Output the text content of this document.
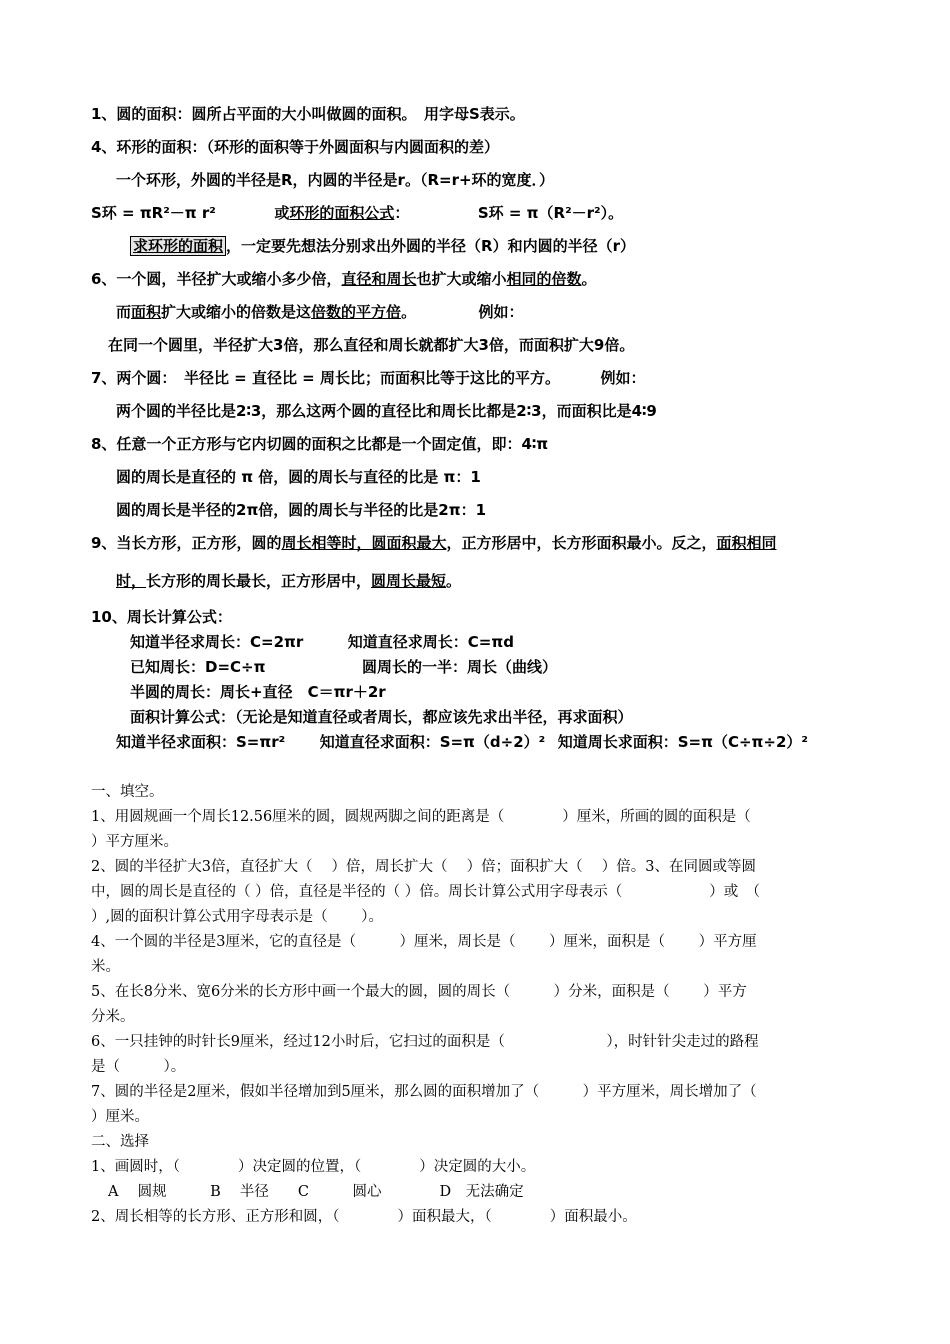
1、圆的面积：圆所占平面的大小叫做圆的面积。　用字母S表示。
4、环形的面积：（环形的面积等于外圆面积与内圆面积的差）
一个环形，外圆的半径是R，内圆的半径是r。（R=r+环的宽度．）
S环 = πR²－π r²	或环形的面积公式：	S环 = π（R²－r²）。
求环形的面积 ，一定要先想法分别求出外圆的半径（R）和内圆的半径（r）
6、一个圆，半径扩大或缩小多少倍，直径和周长也扩大或缩小相同的倍数。
而面积扩大或缩小的倍数是这倍数的平方倍。	例如：
在同一个圆里，半径扩大3倍，那么直径和周长就都扩大3倍，而面积扩大9倍。
7、两个圆：　半径比 = 直径比 = 周长比；而面积比等于这比的平方。	例如：
两个圆的半径比是2∶3，那么这两个圆的直径比和周长比都是2∶3，而面积比是4∶9
8、任意一个正方形与它内切圆的面积之比都是一个固定值，即：4∶π
圆的周长是直径的 π 倍，圆的周长与直径的比是 π：1
圆的周长是半径的2π倍，圆的周长与半径的比是2π：1
9、当长方形，正方形，圆的周长相等时，圆面积最大，正方形居中，长方形面积最小。反之，面积相同
时，长方形的周长最长，正方形居中，圆周长最短。
10、周长计算公式：
知道半径求周长：C=2πr	知道直径求周长：C=πd
已知周长：D=C÷π	圆周长的一半：周长（曲线）
半圆的周长：周长+直径　C＝πr＋2r
面积计算公式：（无论是知道直径或者周长，都应该先求出半径，再求面积）
知道半径求面积：S=πr² 知道直径求面积：S=π（d÷2）² 知道周长求面积：S=π（C÷π÷2）²
一、填空。
1、用圆规画一个周长12.56厘米的圆，圆规两脚之间的距离是（　　　　）厘米，所画的圆的面积是（
）平方厘米。
2、圆的半径扩大3倍，直径扩大（　 ）倍，周长扩大（　 ）倍；面积扩大（　 ）倍。3、在同圆或等圆
中，圆的周长是直径的（ ）倍，直径是半径的（ ）倍。周长计算公式用字母表示（　　　　　　）或　（
）,圆的面积计算公式用字母表示是（　　 ）。
4、一个圆的半径是3厘米，它的直径是（　　　）厘米，周长是（　　 ）厘米，面积是（　　 ）平方厘
米。
5、在长8分米、宽6分米的长方形中画一个最大的圆，圆的周长（　　　）分米，面积是（　　 ）平方
分米。
6、一只挂钟的时针长9厘米，经过12小时后，它扫过的面积是（　　　　　　　），时针针尖走过的路程
是（　　　）。
7、圆的半径是2厘米，假如半径增加到5厘米，那么圆的面积增加了（　　　）平方厘米，周长增加了（
）厘米。
二、选择
1、画圆时，（　　　　）决定圆的位置，（　　　　）决定圆的大小。
A　 圆规　　　B　 半径　　C　　　圆心　　　　D　无法确定
2、周长相等的长方形、正方形和圆，（　　　　）面积最大，（　　　　）面积最小。
